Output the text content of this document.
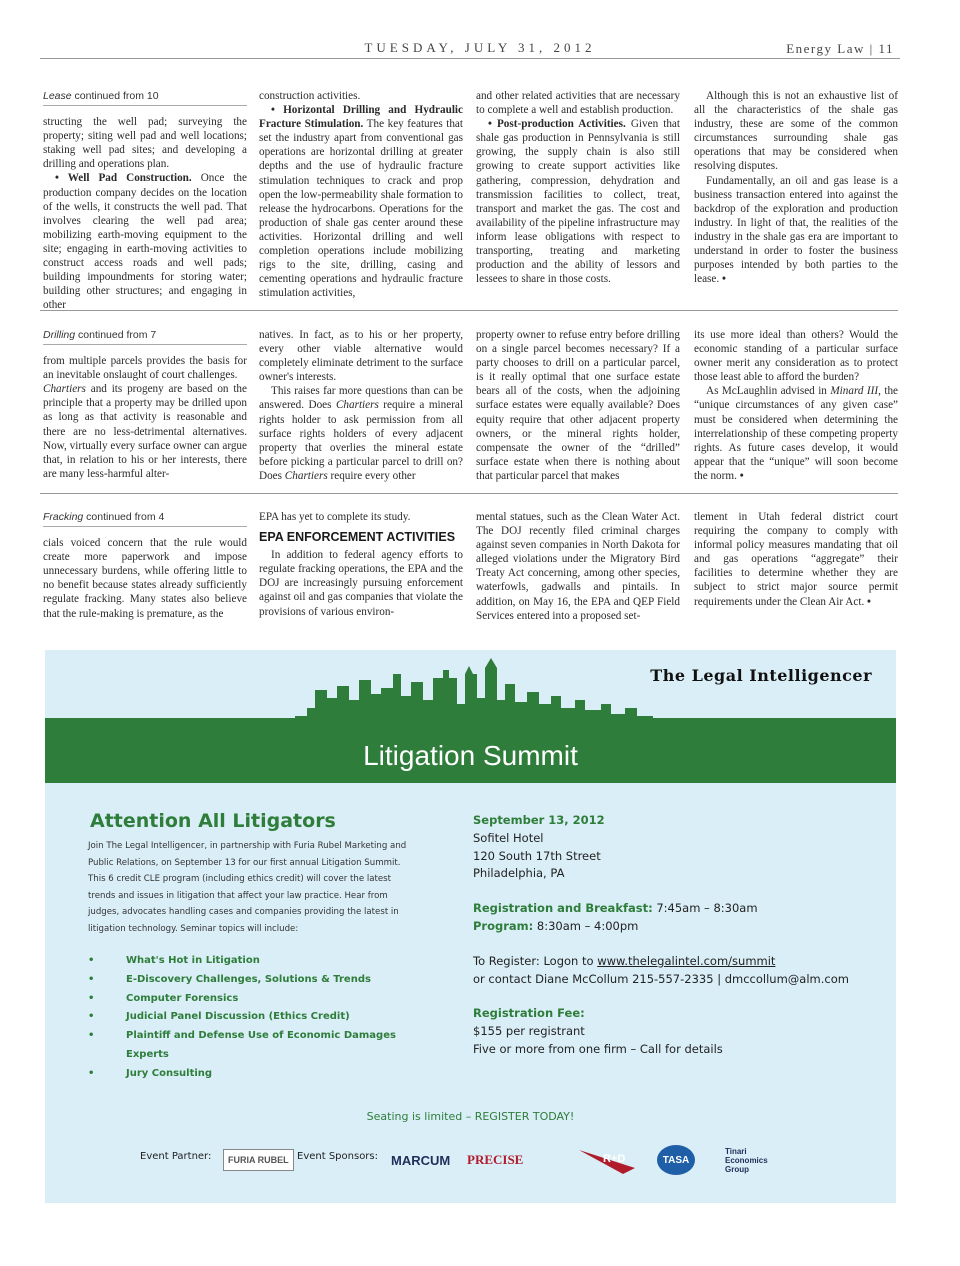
TUESDAY, JULY 31, 2012	Energy Law | 11
Lease continued from 10

structing the well pad; surveying the property; siting well pad and well locations; staking well pad sites; and developing a drilling and operations plan.

• Well Pad Construction. Once the production company decides on the location of the wells, it constructs the well pad. That involves clearing the well pad area; mobilizing earth-moving equipment to the site; engaging in earth-moving activities to construct access roads and well pads; building impoundments for storing water; building other structures; and engaging in other

construction activities.

• Horizontal Drilling and Hydraulic Fracture Stimulation. The key features that set the industry apart from conventional gas operations are horizontal drilling at greater depths and the use of hydraulic fracture stimulation techniques to crack and prop open the low-permeability shale formation to release the hydrocarbons. Operations for the production of shale gas center around these activities. Horizontal drilling and well completion operations include mobilizing rigs to the site, drilling, casing and cementing operations and hydraulic fracture stimulation activities,

and other related activities that are necessary to complete a well and establish production.

• Post-production Activities. Given that shale gas production in Pennsylvania is still growing, the supply chain is also still growing to create support activities like gathering, compression, dehydration and transmission facilities to collect, treat, transport and market the gas. The cost and availability of the pipeline infrastructure may inform lease obligations with respect to transporting, treating and marketing production and the ability of lessors and lessees to share in those costs.

Although this is not an exhaustive list of all the characteristics of the shale gas industry, these are some of the common circumstances surrounding shale gas operations that may be considered when resolving disputes.

Fundamentally, an oil and gas lease is a business transaction entered into against the backdrop of the exploration and production industry. In light of that, the realities of the industry in the shale gas era are important to understand in order to foster the business purposes intended by both parties to the lease. •

Drilling continued from 7

from multiple parcels provides the basis for an inevitable onslaught of court challenges.

Chartiers and its progeny are based on the principle that a property may be drilled upon as long as that activity is reasonable and there are no less-detrimental alternatives. Now, virtually every surface owner can argue that, in relation to his or her interests, there are many less-harmful alter-

natives. In fact, as to his or her property, every other viable alternative would completely eliminate detriment to the surface owner's interests.

This raises far more questions than can be answered. Does Chartiers require a mineral rights holder to ask permission from all surface rights holders of every adjacent property that overlies the mineral estate before picking a particular parcel to drill on? Does Chartiers require every other

property owner to refuse entry before drilling on a single parcel becomes necessary? If a party chooses to drill on a particular parcel, is it really optimal that one surface estate bears all of the costs, when the adjoining surface estates were equally available? Does equity require that other adjacent property owners, or the mineral rights holder, compensate the owner of the “drilled” surface estate when there is nothing about that particular parcel that makes

its use more ideal than others? Would the economic standing of a particular surface owner merit any consideration as to protect those least able to afford the burden?

As McLaughlin advised in Minard III, the “unique circumstances of any given case” must be considered when determining the interrelationship of these competing property rights. As future cases develop, it would appear that the “unique” will soon become the norm. •

Fracking continued from 4

cials voiced concern that the rule would create more paperwork and impose unnecessary burdens, while offering little to no benefit because states already sufficiently regulate fracking. Many states also believe that the rule-making is premature, as the

EPA has yet to complete its study.

EPA ENFORCEMENT ACTIVITIES

In addition to federal agency efforts to regulate fracking operations, the EPA and the DOJ are increasingly pursuing enforcement against oil and gas companies that violate the provisions of various environ-

mental statues, such as the Clean Water Act. The DOJ recently filed criminal charges against seven companies in North Dakota for alleged violations under the Migratory Bird Treaty Act concerning, among other species, waterfowls, gadwalls and pintails. In addition, on May 16, the EPA and QEP Field Services entered into a proposed set-

tlement in Utah federal district court requiring the company to comply with informal policy measures mandating that oil and gas operations “aggregate” their facilities to determine whether they are subject to strict major source permit requirements under the Clean Air Act. •

The Legal Intelligencer
Litigation Summit
Attention All Litigators
Join The Legal Intelligencer, in partnership with Furia Rubel Marketing and Public Relations, on September 13 for our first annual Litigation Summit. This 6 credit CLE program (including ethics credit) will cover the latest trends and issues in litigation that affect your law practice. Hear from judges, advocates handling cases and companies providing the latest in litigation technology. Seminar topics will include:
• What's Hot in Litigation
• E-Discovery Challenges, Solutions & Trends
• Computer Forensics
• Judicial Panel Discussion (Ethics Credit)
• Plaintiff and Defense Use of Economic Damages Experts
• Jury Consulting
September 13, 2012
Sofitel Hotel
120 South 17th Street
Philadelphia, PA
Registration and Breakfast: 7:45am – 8:30am
Program: 8:30am – 4:00pm
To Register: Logon to www.thelegalintel.com/summit
or contact Diane McCollum 215-557-2335 | dmccollum@alm.com
Registration Fee:
$155 per registrant
Five or more from one firm – Call for details
Seating is limited – REGISTER TODAY!
Event Partner:	FURIA RUBEL Event Sponsors: MARCUM PRECISE	R+D	TASA
Tinari Economics Group
